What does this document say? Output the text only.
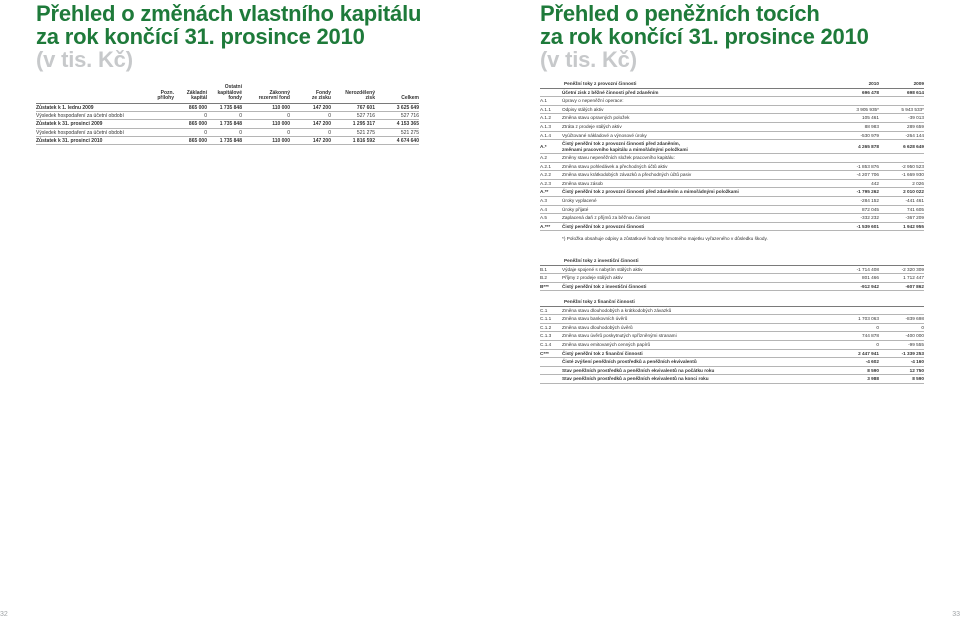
Přehled o změnách vlastního kapitálu
za rok končící 31. prosince 2010
(v tis. Kč)
Přehled o peněžních tocích
za rok končící 31. prosince 2010
(v tis. Kč)
Pozn.
přílohy
Základní
kapitál
Ostatní
kapitálové
fondy
Zákonný
rezervní fond
Fondy
ze zisku
Nerozdělený
zisk	Celkem
Zůstatek k 1. lednu 2009	865 000	1 735 848	110 000	147 200	767 601	3 625 649
Výsledek hospodaření za účetní období	0	0	0	0	527 716	527 716
Zůstatek k 31. prosinci 2009	865 000	1 735 848	110 000	147 200	1 295 317	4 153 365
Výsledek hospodaření za účetní období	0	0	0	0	521 275	521 275
Zůstatek k 31. prosinci 2010	865 000	1 735 848	110 000	147 200	1 816 592	4 674 640
Peněžní toky z provozní činnosti	2010	2009
Účetní zisk z běžné činnosti před zdaněním	696 478	698 614
A.1	Úpravy o nepeněžní operace:
A.1.1	Odpisy stálých aktiv	3 905 935*	5 943 533*
A.1.2	Změna stavu opravných položek	105 461	-39 013
A.1.3	Ztráta z prodeje stálých aktiv	88 983	289 659
A.1.4	Vyúčtované nákladové a výnosové úroky	-530 979	-264 144
A.*
Čistý peněžní tok z provozní činnosti před zdaněním,
změnami pracovního kapitálu a mimořádnými položkami
4 265 878	6 628 649
A.2	Změny stavu nepeněžních složek pracovního kapitálu:
A.2.1	Změna stavu pohledávek a přechodných účtů aktiv	-1 853 876	-2 950 523
A.2.2	Změna stavu krátkodobých závazků a přechodných účtů pasiv	-4 207 706	-1 669 930
A.2.3	Změna stavu zásob	442	2 026
A.**	Čistý peněžní tok z provozní činnosti před zdaněním a mimořádnými položkami	-1 795 262	2 010 022
A.3	Úroky vyplacené	-284 152	-441 461
A.4	Úroky přijaté	872 045	741 605
A.5	Zaplacená daň z příjmů za běžnou činnost	-332 232	-367 209
A.***	Čistý peněžní tok z provozní činnosti	-1 539 601	1 942 955
*) Položka obsahuje odpisy a zůstatkové hodnoty hmotného majetku vyřazeného v důsledku škody.
Peněžní toky z investiční činnosti
B.1	Výdaje spojené s nabytím stálých aktiv	-1 714 408	-2 320 309
B.2	Příjmy z prodeje stálých aktiv	801 466	1 712 447
B***	Čistý peněžní tok z investiční činnosti	-912 942	-607 862
Peněžní toky z finanční činnosti
C.1	Změna stavu dlouhodobých a krátkodobých závazků
C.1.1	Změna stavu bankovních úvěrů	1 703 063	-839 698
C.1.2	Změna stavu dlouhodobých úvěrů	0	0
C.1.3	Změna stavu úvěrů poskytnutých spřízněnými stranami	744 878	-400 000
C.1.4	Změna stavu emitovaných cenných papírů	0	-99 555
C***	Čistý peněžní tok z finanční činnosti	2 447 941	-1 339 253
Čisté zvýšení peněžních prostředků a peněžních ekvivalentů	-4 602	-4 160
Stav peněžních prostředků a peněžních ekvivalentů na počátku roku	8 590	12 750
Stav peněžních prostředků a peněžních ekvivalentů na konci roku	3 988	8 590
32	33
